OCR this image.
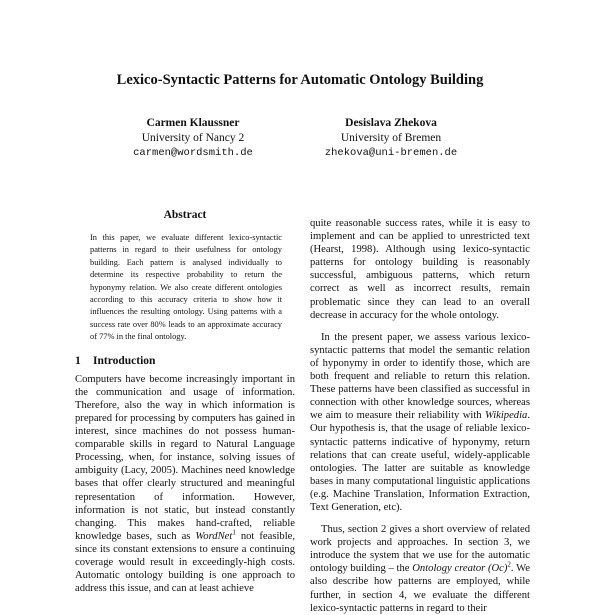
Lexico-Syntactic Patterns for Automatic Ontology Building
Carmen Klaussner
University of Nancy 2
carmen@wordsmith.de
Desislava Zhekova
University of Bremen
zhekova@uni-bremen.de
Abstract
In this paper, we evaluate different lexico-syntactic patterns in regard to their usefulness for ontology building. Each pattern is analysed individually to determine its respective probability to return the hyponymy relation. We also create different ontologies according to this accuracy criteria to show how it influences the resulting ontology. Using patterns with a success rate over 80% leads to an approximate accuracy of 77% in the final ontology.
1 Introduction

Computers have become increasingly important in the communication and usage of information. Therefore, also the way in which information is prepared for processing by computers has gained in interest, since machines do not possess human-comparable skills in regard to Natural Language Processing, when, for instance, solving issues of ambiguity (Lacy, 2005). Machines need knowledge bases that offer clearly structured and meaningful representation of information. However, information is not static, but instead constantly changing. This makes hand-crafted, reliable knowledge bases, such as WordNet$^1$ not feasible, since its constant extensions to ensure a continuing coverage would result in exceedingly-high costs. Automatic ontology building is one approach to address this issue, and can at least achieve

quite reasonable success rates, while it is easy to implement and can be applied to unrestricted text (Hearst, 1998). Although using lexico-syntactic patterns for ontology building is reasonably successful, ambiguous patterns, which return correct as well as incorrect results, remain problematic since they can lead to an overall decrease in accuracy for the whole ontology.

In the present paper, we assess various lexico-syntactic patterns that model the semantic relation of hyponymy in order to identify those, which are both frequent and reliable to return this relation. These patterns have been classified as successful in connection with other knowledge sources, whereas we aim to measure their reliability with Wikipedia. Our hypothesis is, that the usage of reliable lexico-syntactic patterns indicative of hyponymy, return relations that can create useful, widely-applicable ontologies. The latter are suitable as knowledge bases in many computational linguistic applications (e.g. Machine Translation, Information Extraction, Text Generation, etc).

Thus, section 2 gives a short overview of related work projects and approaches. In section 3, we introduce the system that we use for the automatic ontology building – the Ontology creator $(Oc)^2$. We also describe how patterns are employed, while further, in section 4, we evaluate the different lexico-syntactic patterns in regard to their
